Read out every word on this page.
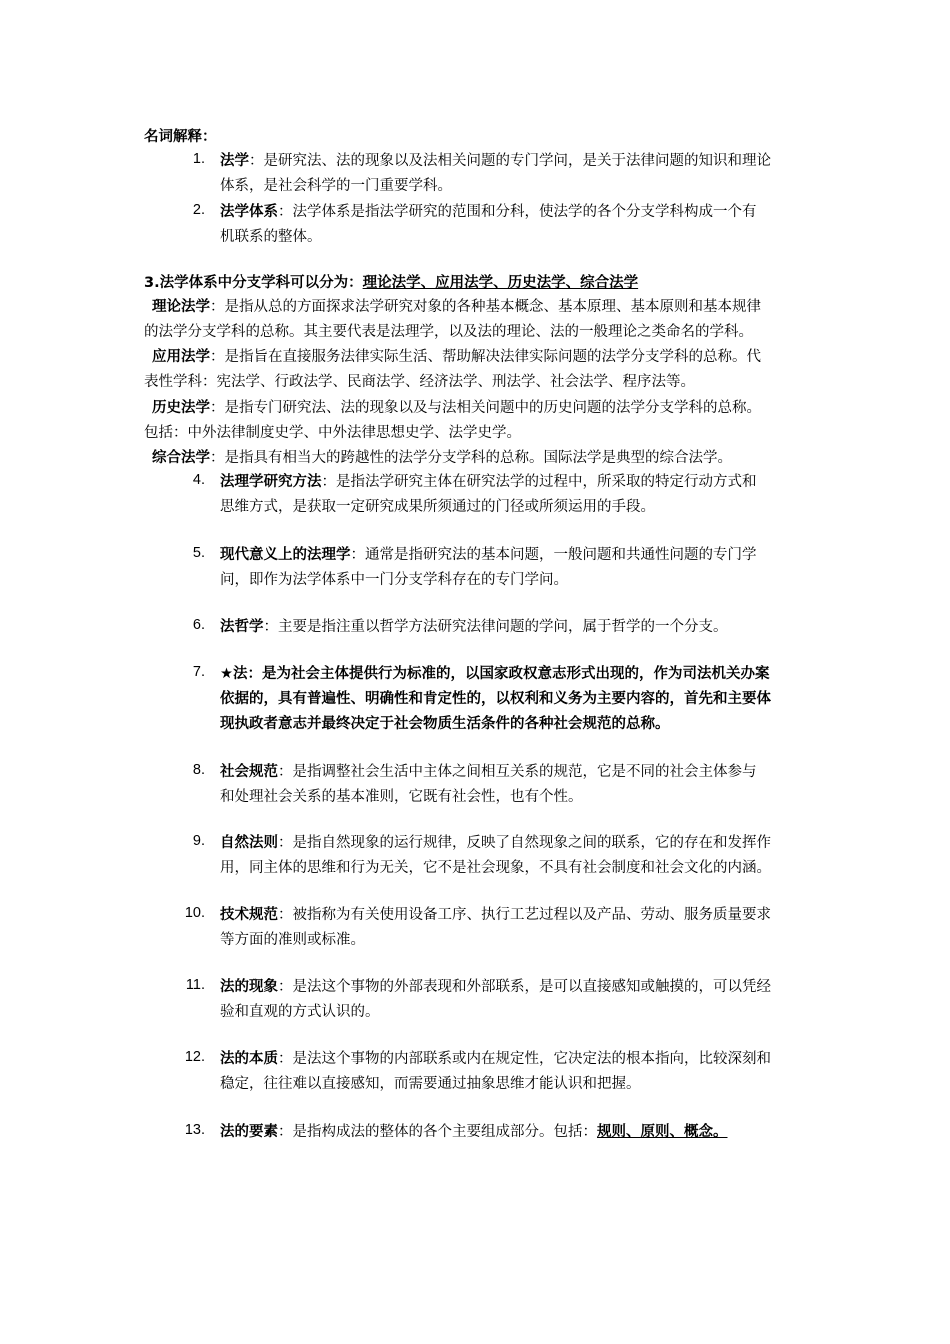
名词解释：
1. 法学：是研究法、法的现象以及法相关问题的专门学问，是关于法律问题的知识和理论
体系，是社会科学的一门重要学科。
2. 法学体系：法学体系是指法学研究的范围和分科，使法学的各个分支学科构成一个有
机联系的整体。
3.法学体系中分支学科可以分为：理论法学、应用法学、历史法学、综合法学
理论法学：是指从总的方面探求法学研究对象的各种基本概念、基本原理、基本原则和基本规律
的法学分支学科的总称。其主要代表是法理学，以及法的理论、法的一般理论之类命名的学科。
应用法学：是指旨在直接服务法律实际生活、帮助解决法律实际问题的法学分支学科的总称。代
表性学科：宪法学、行政法学、民商法学、经济法学、刑法学、社会法学、程序法等。
历史法学：是指专门研究法、法的现象以及与法相关问题中的历史问题的法学分支学科的总称。
包括：中外法律制度史学、中外法律思想史学、法学史学。
综合法学：是指具有相当大的跨越性的法学分支学科的总称。国际法学是典型的综合法学。
4. 法理学研究方法：是指法学研究主体在研究法学的过程中，所采取的特定行动方式和
思维方式，是获取一定研究成果所须通过的门径或所须运用的手段。
5. 现代意义上的法理学：通常是指研究法的基本问题，一般问题和共通性问题的专门学
问，即作为法学体系中一门分支学科存在的专门学问。
6. 法哲学：主要是指注重以哲学方法研究法律问题的学问，属于哲学的一个分支。
7. ★法：是为社会主体提供行为标准的，以国家政权意志形式出现的，作为司法机关办案
依据的，具有普遍性、明确性和肯定性的，以权利和义务为主要内容的，首先和主要体
现执政者意志并最终决定于社会物质生活条件的各种社会规范的总称。
8. 社会规范：是指调整社会生活中主体之间相互关系的规范，它是不同的社会主体参与
和处理社会关系的基本准则，它既有社会性，也有个性。
9. 自然法则：是指自然现象的运行规律，反映了自然现象之间的联系，它的存在和发挥作
用，同主体的思维和行为无关，它不是社会现象，不具有社会制度和社会文化的内涵。
10. 技术规范：被指称为有关使用设备工序、执行工艺过程以及产品、劳动、服务质量要求
等方面的准则或标准。
11. 法的现象：是法这个事物的外部表现和外部联系，是可以直接感知或触摸的，可以凭经
验和直观的方式认识的。
12. 法的本质：是法这个事物的内部联系或内在规定性，它决定法的根本指向，比较深刻和
稳定，往往难以直接感知，而需要通过抽象思维才能认识和把握。
13. 法的要素：是指构成法的整体的各个主要组成部分。包括：规则、原则、概念。
